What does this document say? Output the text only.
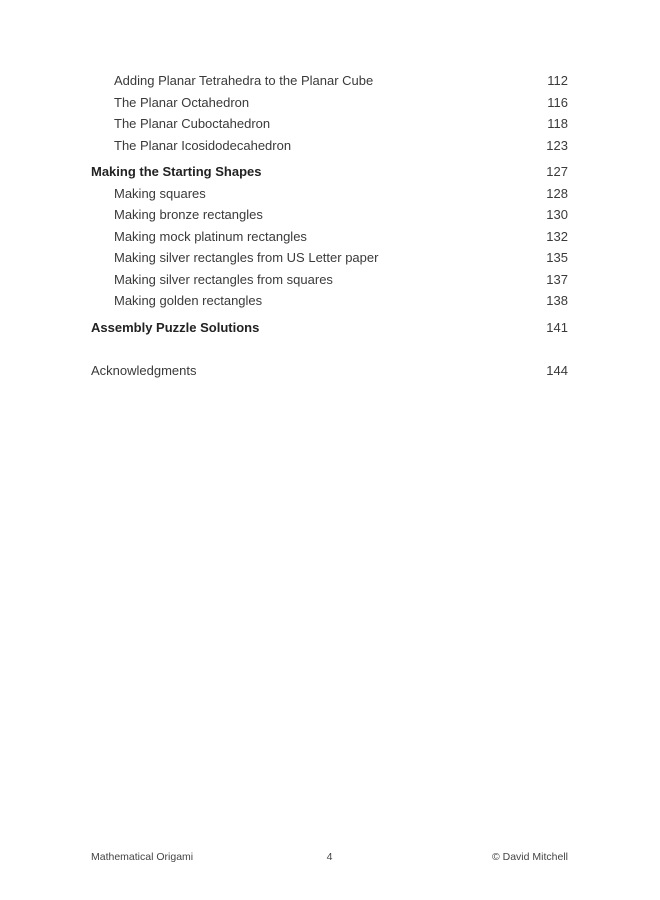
Adding Planar Tetrahedra to the Planar Cube	112
The Planar Octahedron	116
The Planar Cuboctahedron	118
The Planar Icosidodecahedron	123
Making the Starting Shapes	127
Making squares	128
Making bronze rectangles	130
Making mock platinum rectangles	132
Making silver rectangles from US Letter paper	135
Making silver rectangles from squares	137
Making golden rectangles	138
Assembly Puzzle Solutions	141
Acknowledgments	144
Mathematical Origami	4	© David Mitchell
